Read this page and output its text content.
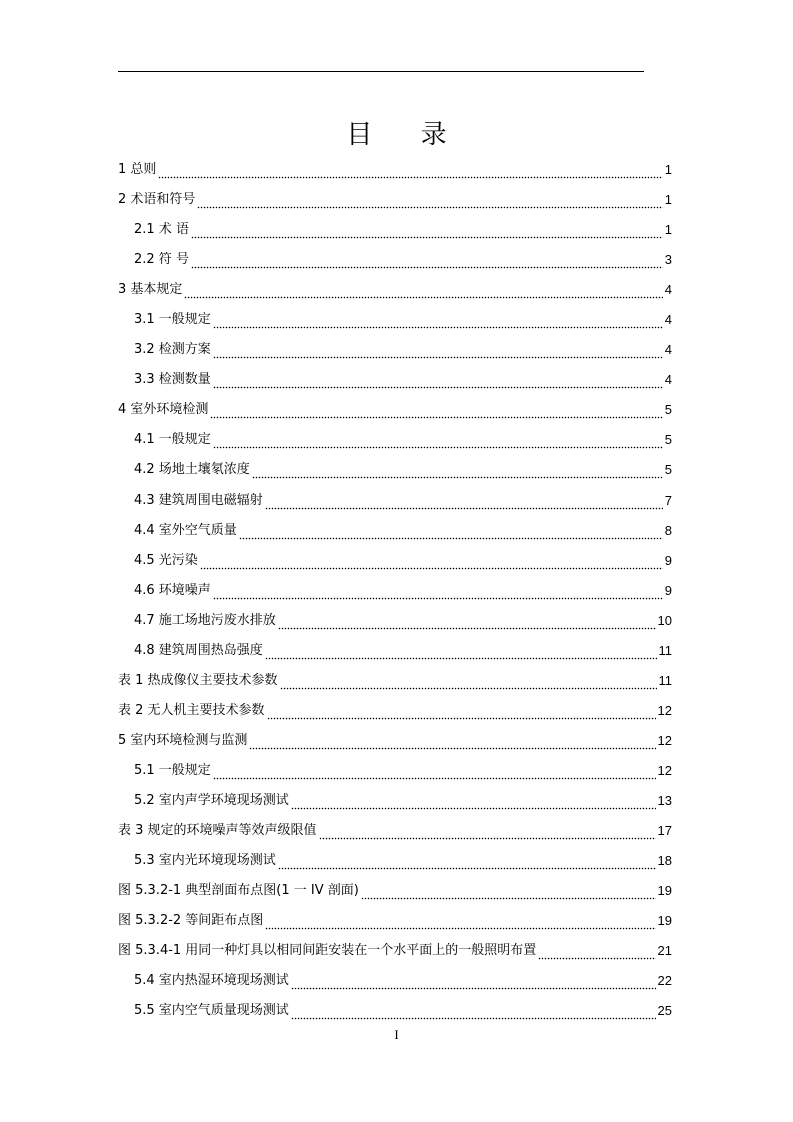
目 录
1 总则	1
2 术语和符号	1
2.1 术 语	1
2.2 符 号	3
3 基本规定	4
3.1 一般规定	4
3.2 检测方案	4
3.3 检测数量	4
4 室外环境检测	5
4.1 一般规定	5
4.2 场地土壤氡浓度	5
4.3 建筑周围电磁辐射	7
4.4 室外空气质量	8
4.5 光污染	9
4.6 环境噪声	9
4.7 施工场地污废水排放	10
4.8 建筑周围热岛强度	11
表 1 热成像仪主要技术参数	11
表 2 无人机主要技术参数	12
5 室内环境检测与监测	12
5.1 一般规定	12
5.2 室内声学环境现场测试	13
表 3 规定的环境噪声等效声级限值	17
5.3 室内光环境现场测试	18
图 5.3.2-1 典型剖面布点图(1 一 IV 剖面)	19
图 5.3.2-2 等间距布点图	19
图 5.3.4-1 用同一种灯具以相同间距安装在一个水平面上的一般照明布置	21
5.4 室内热湿环境现场测试	22
5.5 室内空气质量现场测试	25
I
